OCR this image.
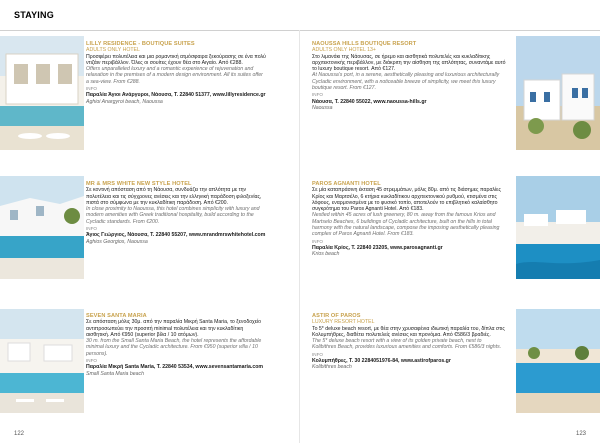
STAYING
LILLY RESIDENCE - BOUTIQUE SUITES
ADULTS ONLY HOTEL
Προσφέρει πολυτέλεια και μια ρομαντική ατμόσφαιρα ξεκούρασης σε ένα πολύ ντιζάιν περιβάλλον. Όλες οι σουίτες έχουν θέα στο Αιγαίο. Από €288.
Offers unparalleled luxury and a romantic experience of rejuvenation and relaxation in the premises of a modern design environment. All its suites offer a sea-view. From €288.
INFO
Παραλία Άγιοι Ανάργυροι, Νάουσα, Τ. 22840 51377, www.lillyresidence.gr
Aghioi Anargyroi beach, Naoussa
NAOUSSA HILLS BOUTIQUE RESORT
ADULTS ONLY HOTEL 13+
Στο λιμανάκι της Νάουσας, σε ήρεμο και αισθητικά πολυτελές και κυκλαδίτικης αρχιτεκτονικής περιβάλλον, με διάκριτη την αίσθηση της απλότητας, συναντάμε αυτό το luxury boutique resort. Από €127.
At Naoussa's port, in a serene, aesthetically pleasing and luxurious architecturally Cycladic environment, with a noticeable breeze of simplicity, we meet this luxury boutique resort. From €127.
INFO
Νάουσα, Τ. 22840 55022, www.naoussa-hills.gr
Naoussa
MR & MRS WHITE NEW STYLE HOTEL
Σε κοντινή απόσταση από τη Νάουσα, συνδυάζει την απλότητα με την πολυτέλεια και τις σύγχρονες ανέσεις και την ελληνική παράδοση φιλοξενίας, πιστά στο σύμφωνα με την κυκλαδίτικη παράδοση. Από €200.
In close proximity to Naoussa, this hotel combines simplicity with luxury and modern amenities with Greek traditional hospitality, build according to the Cycladic standards. From €200.
INFO
Άγιος Γεώργιος, Νάουσα, Τ. 22840 55207, www.mrandmrswhitehotel.com
Aghios Georgios, Naoussa
PAROS AGNANTI HOTEL
Σε μία καταπράσινη έκταση 45 στρεμμάτων, μόλις 80μ. από τις διάσημες παραλίες Κρίος και Μαρτσέλο, 6 κτήρια κυκλαδίτικου αρχιτεκτονικού ρυθμού, κτισμένα στις λόφους, εναρμονισμένα με το φυσικό τοπίο, αποτελούν το επιβλητικό καλαίσθητο συγκρότημα του Paros Agnanti Hotel. Από €183.
Nestled within 45 acres of lush greenery, 80 m. away from the famous Krios and Martselo Beaches, 6 buildings of Cycladic architecture, built on the hills in total harmony with the natural landscape, compose the imposing aesthetically pleasing complex of Paros Agnanti Hotel. From €183.
INFO
Παραλία Κρίος, Τ. 22840 23205, www.parosagnanti.gr
Krios beach
SEVEN SANTA MARIA
Σε απόσταση μόλις 30μ. από την παραλία Μικρή Santa Maria, το ξενοδοχείο αντιπροσωπεύει την προσιτή minimal πολυτέλεια και την κυκλαδίτικη αισθητική. Από €950 (superior βίλα / 10 ατόμων).
30 m. from the Small Santa Maria Beach, the hotel represents the affordable minimal luxury and the Cycladic architecture. From €950 (superior villa / 10 persons).
INFO
Παραλία Μικρή Santa Maria, Τ. 22840 53534, www.sevensantamaria.com
Small Santa Maria beach
ASTIR OF PAROS
LUXURY RESORT HOTEL
Το 5* deluxe beach resort, με θέα στην χρυσαφένια ιδιωτική παραλία του, δίπλα στις Κολυμπήθρες, διαθέτει πολυτελείς ανέσεις και προνόμια. Από €586/3 βραδιές.
The 5* deluxe beach resort with a view of its golden private beach, next to Kolibithres Beach, provides luxurious amenities and comforts. From €586/3 nights.
INFO
Κολυμπήθρες, Τ. 30 2284051976-84, www.astirofparos.gr
Kolibithres beach
122	123
